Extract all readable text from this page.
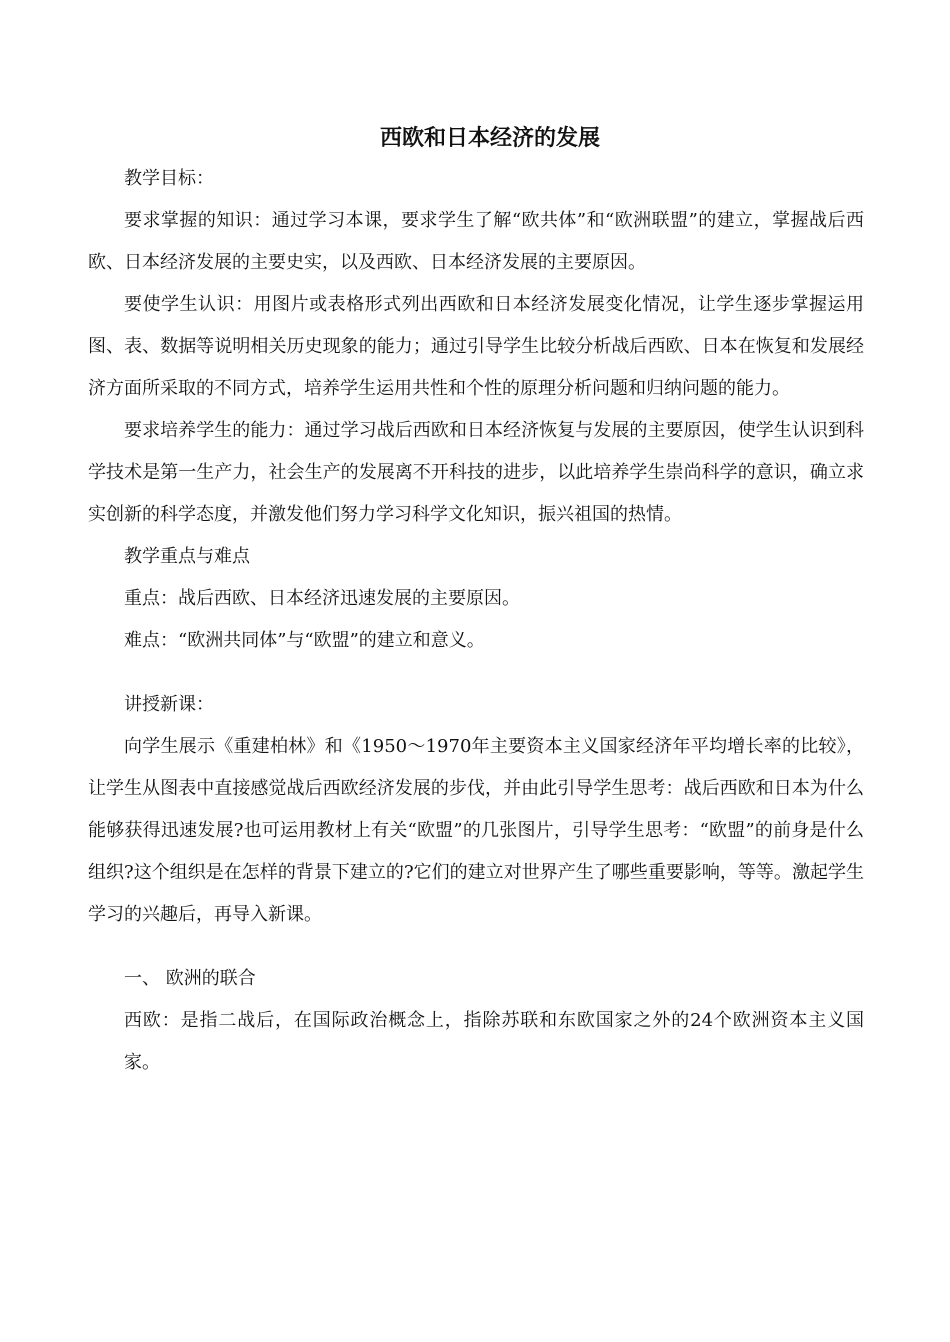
西欧和日本经济的发展

教学目标：

要求掌握的知识：通过学习本课，要求学生了解“欧共体”和“欧洲联盟”的建立，掌握战后西欧、日本经济发展的主要史实，以及西欧、日本经济发展的主要原因。

要使学生认识：用图片或表格形式列出西欧和日本经济发展变化情况，让学生逐步掌握运用图、表、数据等说明相关历史现象的能力；通过引导学生比较分析战后西欧、日本在恢复和发展经济方面所采取的不同方式，培养学生运用共性和个性的原理分析问题和归纳问题的能力。

要求培养学生的能力：通过学习战后西欧和日本经济恢复与发展的主要原因，使学生认识到科学技术是第一生产力，社会生产的发展离不开科技的进步，以此培养学生崇尚科学的意识，确立求实创新的科学态度，并激发他们努力学习科学文化知识，振兴祖国的热情。

教学重点与难点

重点：战后西欧、日本经济迅速发展的主要原因。

难点：“欧洲共同体”与“欧盟”的建立和意义。

讲授新课：

向学生展示《重建柏林》和《1950～1970年主要资本主义国家经济年平均增长率的比较》，让学生从图表中直接感觉战后西欧经济发展的步伐，并由此引导学生思考：战后西欧和日本为什么能够获得迅速发展?也可运用教材上有关“欧盟”的几张图片，引导学生思考：“欧盟”的前身是什么组织?这个组织是在怎样的背景下建立的?它们的建立对世界产生了哪些重要影响，等等。激起学生学习的兴趣后，再导入新课。

一、 欧洲的联合

西欧：是指二战后，在国际政治概念上，指除苏联和东欧国家之外的24个欧洲资本主义国家。
